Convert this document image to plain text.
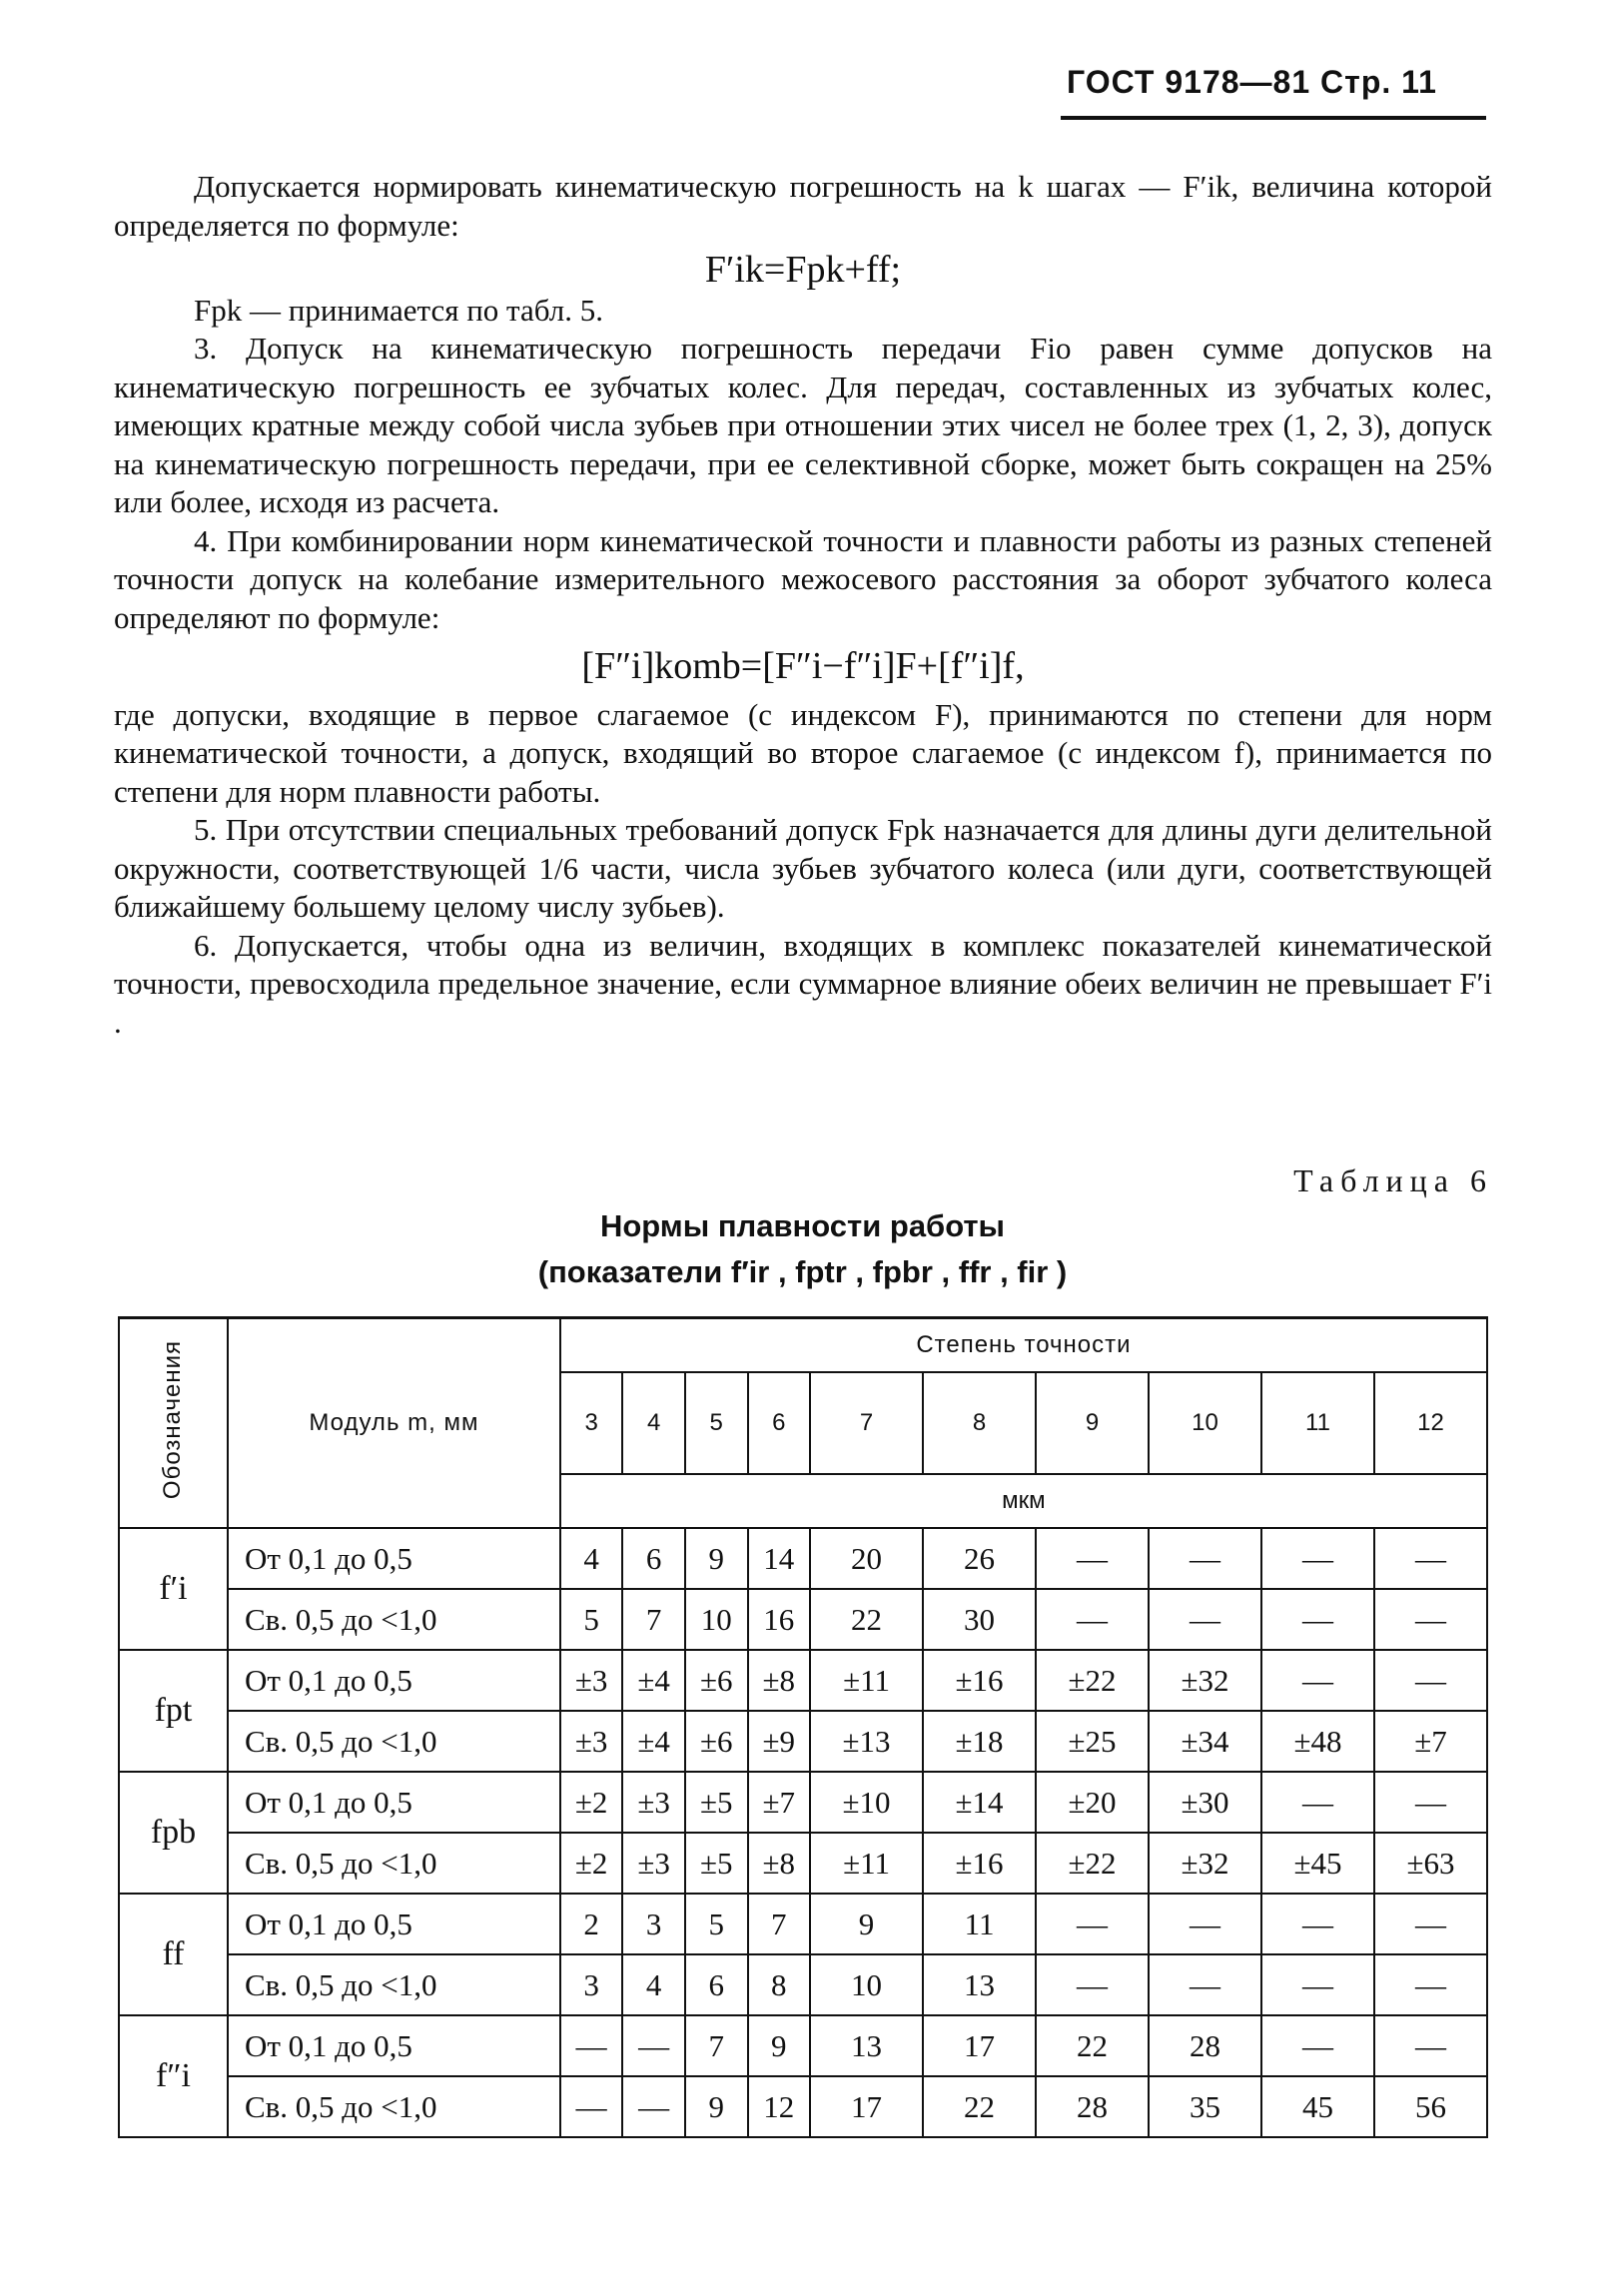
ГОСТ 9178—81 Стр. 11

Допускается нормировать кинематическую погрешность на k шагах — F′ik, величина которой определяется по формуле:

F′ik=Fpk+ff;

Fpk — принимается по табл. 5.

3. Допуск на кинематическую погрешность передачи Fio равен сумме допусков на кинематическую погрешность ее зубчатых колес. Для передач, составленных из зубчатых колес, имеющих кратные между собой числа зубьев при отношении этих чисел не более трех (1, 2, 3), допуск на кинематическую погрешность передачи, при ее селективной сборке, может быть сокращен на 25% или более, исходя из расчета.

4. При комбинировании норм кинематической точности и плавности работы из разных степеней точности допуск на колебание измерительного межосевого расстояния за оборот зубчатого колеса определяют по формуле:

[F″i]komb=[F″i−f″i]F+[f″i]f,

где допуски, входящие в первое слагаемое (с индексом F), принимаются по степени для норм кинематической точности, а допуск, входящий во второе слагаемое (с индексом f), принимается по степени для норм плавности работы.

5. При отсутствии специальных требований допуск Fpk назначается для длины дуги делительной окружности, соответствующей 1/6 части, числа зубьев зубчатого колеса (или дуги, соответствующей ближайшему большему целому числу зубьев).

6. Допускается, чтобы одна из величин, входящих в комплекс показателей кинематической точности, превосходила предельное значение, если суммарное влияние обеих величин не превышает F′i .

Таблица 6
Нормы плавности работы
(показатели f′ir , fptr , fpbr , ffr , fir )
Обозначения	Модуль m, мм	Степень точности									
		3	4	5	6	7	8	9	10	11	12
		мкм									
f′i	От 0,1 до 0,5	4	6	9	14	20	26	—	—	—	—
	Св. 0,5 до <1,0	5	7	10	16	22	30	—	—	—	—
fpt	От 0,1 до 0,5	±3	±4	±6	±8	±11	±16	±22	±32	—	—
	Св. 0,5 до <1,0	±3	±4	±6	±9	±13	±18	±25	±34	±48	±7
fpb	От 0,1 до 0,5	±2	±3	±5	±7	±10	±14	±20	±30	—	—
	Св. 0,5 до <1,0	±2	±3	±5	±8	±11	±16	±22	±32	±45	±63
ff	От 0,1 до 0,5	2	3	5	7	9	11	—	—	—	—
	Св. 0,5 до <1,0	3	4	6	8	10	13	—	—	—	—
f″i	От 0,1 до 0,5	—	—	7	9	13	17	22	28	—	—
	Св. 0,5 до <1,0	—	—	9	12	17	22	28	35	45	56
